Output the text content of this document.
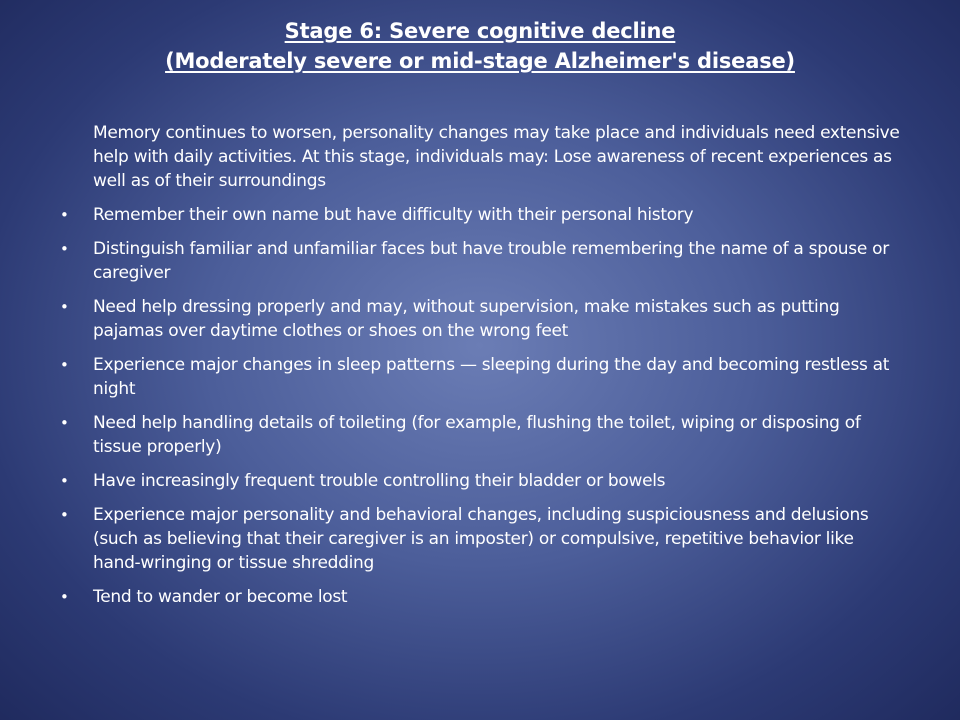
Stage 6: Severe cognitive decline
(Moderately severe or mid-stage Alzheimer's disease)

Memory continues to worsen, personality changes may take place and individuals need extensive help with daily activities. At this stage, individuals may: Lose awareness of recent experiences as well as of their surroundings

• Remember their own name but have difficulty with their personal history
• Distinguish familiar and unfamiliar faces but have trouble remembering the name of a spouse or caregiver
• Need help dressing properly and may, without supervision, make mistakes such as putting pajamas over daytime clothes or shoes on the wrong feet
• Experience major changes in sleep patterns — sleeping during the day and becoming restless at night
• Need help handling details of toileting (for example, flushing the toilet, wiping or disposing of tissue properly)
• Have increasingly frequent trouble controlling their bladder or bowels
• Experience major personality and behavioral changes, including suspiciousness and delusions (such as believing that their caregiver is an imposter) or compulsive, repetitive behavior like hand-wringing or tissue shredding
• Tend to wander or become lost
